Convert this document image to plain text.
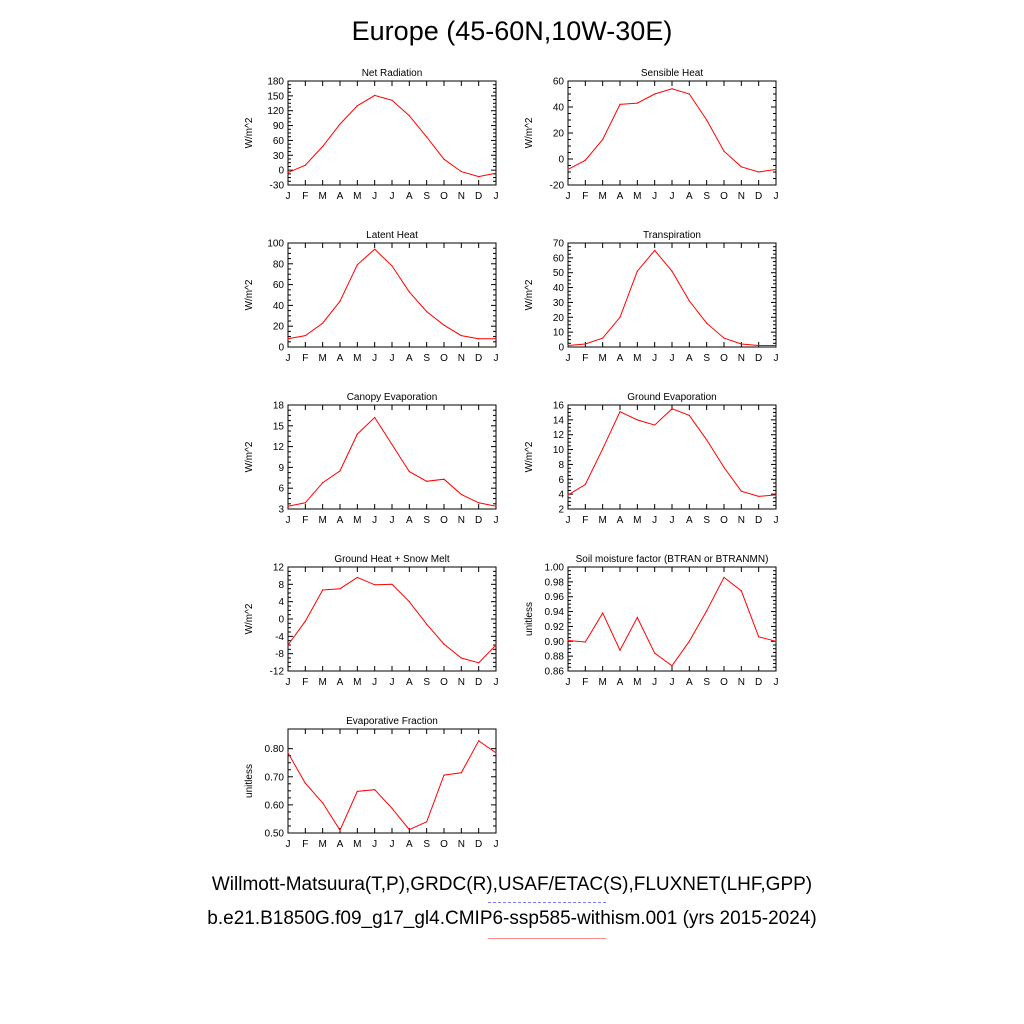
Europe (45-60N,10W-30E)
Net Radiation
J F M A M J J A S O N D J
180
150
120
90
60
30
0
-30
W/m^2
Sensible Heat
J F M A M J J A S O N D J
60
40
20
0
-20
W/m^2
Latent Heat
J F M A M J J A S O N D J
100
80
60
40
20
0
W/m^2
Transpiration
J F M A M J J A S O N D J
70
60
50
40
30
20
10
0
W/m^2
Canopy Evaporation
J F M A M J J A S O N D J
18
15
12
9
6
3
W/m^2
Ground Evaporation
J F M A M J J A S O N D J
16
14
12
10
8
6
4
2
W/m^2
Ground Heat + Snow Melt
J F M A M J J A S O N D J
12
8
4
0
-4
-8
-12
W/m^2
Soil moisture factor (BTRAN or BTRANMN)
J F M A M J J A S O N D J
1.00
0.98
0.96
0.94
0.92
0.90
0.88
0.86
unitless
Evaporative Fraction
J F M A M J J A S O N D J
0.80
0.70
0.60
0.50
unitless
Willmott-Matsuura(T,P),GRDC(R),USAF/ETAC(S),FLUXNET(LHF,GPP)
b.e21.B1850G.f09_g17_gl4.CMIP6-ssp585-withism.001 (yrs 2015-2024)
